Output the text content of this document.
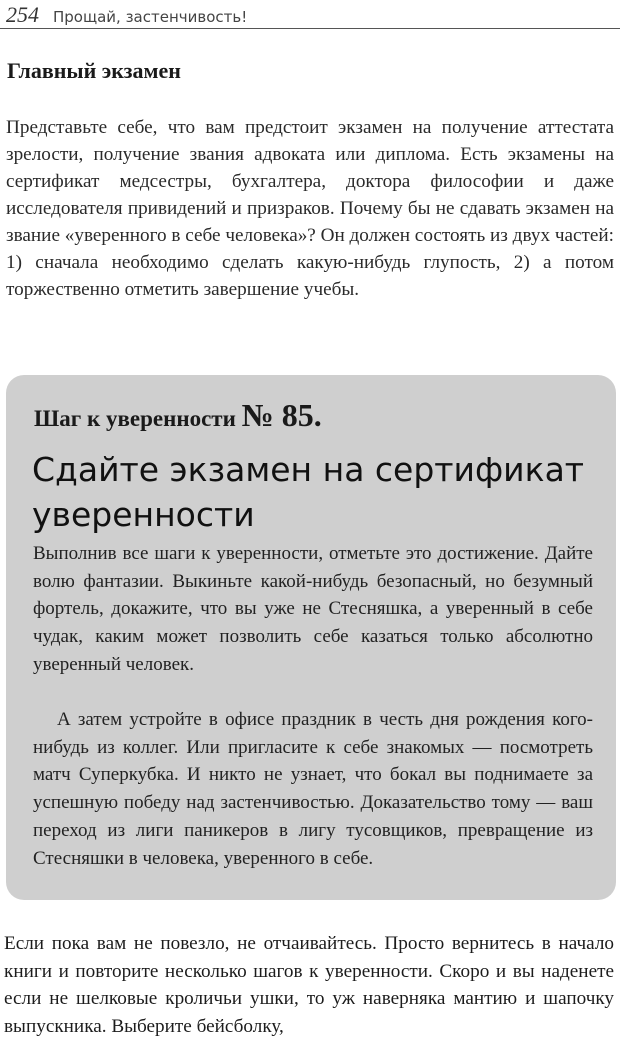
254 Прощай, застенчивость!
Главный экзамен

Представьте себе, что вам предстоит экзамен на получение аттестата зрелости, получение звания адвоката или диплома. Есть экзамены на сертификат медсестры, бухгалтера, доктора философии и даже исследователя привидений и призраков. Почему бы не сдавать экзамен на звание «уверенного в себе человека»? Он должен состоять из двух частей: 1) сначала необходимо сделать какую-нибудь глупость, 2) а потом торжественно отметить завершение учебы.

Шаг к уверенности № 85.
Сдайте экзамен на сертификат уверенности

Выполнив все шаги к уверенности, отметьте это достижение. Дайте волю фантазии. Выкиньте какой-нибудь безопасный, но безумный фортель, докажите, что вы уже не Стесняшка, а уверенный в себе чудак, каким может позволить себе казаться только абсолютно уверенный человек.

А затем устройте в офисе праздник в честь дня рождения кого-нибудь из коллег. Или пригласите к себе знакомых — посмотреть матч Суперкубка. И никто не узнает, что бокал вы поднимаете за успешную победу над застенчивостью. Доказательство тому — ваш переход из лиги паникеров в лигу тусовщиков, превращение из Стесняшки в человека, уверенного в себе.

Если пока вам не повезло, не отчаивайтесь. Просто вернитесь в начало книги и повторите несколько шагов к уверенности. Скоро и вы наденете если не шелковые кроличьи ушки, то уж наверняка мантию и шапочку выпускника. Выберите бейсболку,
